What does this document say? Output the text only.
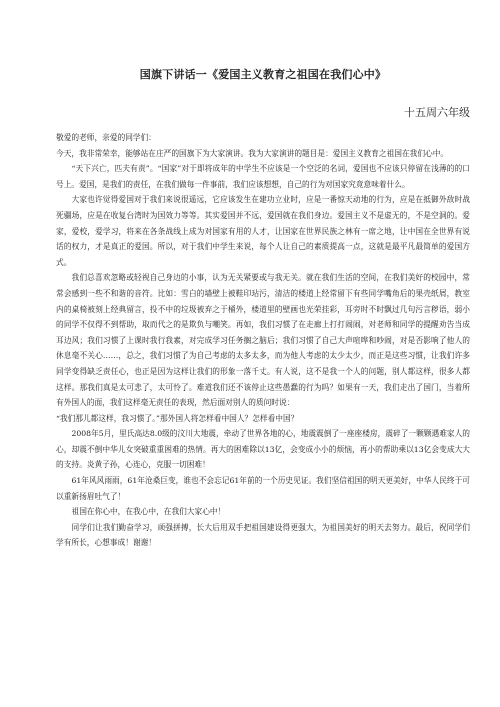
国旗下讲话一《爱国主义教育之祖国在我们心中》
十五周六年级

敬爱的老师，亲爱的同学们：

今天，我非常荣幸，能够站在庄严的国旗下为大家演讲。我为大家演讲的题目是：爱国主义教育之祖国在我们心中。

“天下兴亡，匹夫有责”。“国家”对于即将成年的中学生不应该是一个空泛的名词，爱国也不应该只停留在浅薄的的口号上。爱国，是我们的责任，在我们做每一件事前，我们应该想想，自己的行为对国家究竟意味着什么。

大家也许觉得爱国对于我们来说很遥远，它应该发生在建功立业时，应是一番惊天动地的行为，应是在抵御外敌时战死疆场，应是在收复台湾时为国效力等等。其实爱国并不远，爱国就在我们身边。爱国主义不是虚无的，不是空洞的。爱家，爱校，爱学习，将来在各条战线上成为对国家有用的人才，让国家在世界民族之林有一席之地，让中国在全世界有说话的权力，才是真正的爱国。所以，对于我们中学生来说，每个人让自己的素质提高一点，这就是最平凡最简单的爱国方式。

我们总喜欢忽略或轻视自己身边的小事，认为无关紧要或与我无关。就在我们生活的空间，在我们美好的校园中，常常会感到一些不和谐的音符。比如：雪白的墙壁上被鞋印玷污，清洁的楼道上经常留下有些同学嘴角后的果壳纸屑，教室内的桌椅被刻上经典留言，投不中的垃圾被弃之于桶外，楼道里的壁画也光荣挂彩，耳旁时不时飘过几句污言秽语，弱小的同学不仅得不到帮助，取而代之的是欺负与嘲笑。再如，我们习惯了在走廊上打打闹闹，对老师和同学的提醒劝告当成耳边风；我们习惯了上课时我行我素，对完成学习任务搁之脑后；我们习惯了自己大声喧哗和吵闹，对是否影响了他人的休息毫不关心……，总之，我们习惯了为自己考虑的太多太多，而为他人考虑的太少太少，而正是这些习惯，让我们许多同学变得缺乏责任心，也正是因为这样让我们的形象一落千丈。有人说，这不是我一个人的问题，别人都这样，很多人都这样。那我们真是太可悲了，太可怜了。难道我们还不该停止这些愚蠢的行为吗？如果有一天，我们走出了国门，当着所有外国人的面，我们这样毫无责任的表现，然后面对别人的质问时说：

“我们那儿都这样，我习惯了。”那外国人将怎样看中国人？怎样看中国？

2008年5月，里氏高达8.0级的汶川大地震，牵动了世界各地的心，地震震倒了一座座楼房，震碎了一颗颗遇难家人的心，却震不倒中华儿女突破重重困难的热情。再大的困难除以13亿，会变成小小的烦恼，再小的帮助乘以13亿会变成大大的支持。炎黄子孙，心连心，克服一切困难！

61年风风雨雨，61年沧桑巨变，谁也不会忘记61年前的一个历史见证。我们坚信祖国的明天更美好，中华人民终于可以重新扬眉吐气了！

祖国在你心中，在我心中，在我们大家心中！

同学们让我们勤奋学习，顽强拼搏，长大后用双手把祖国建设得更强大，为祖国美好的明天去努力。最后，祝同学们学有所长，心想事成！谢谢！
